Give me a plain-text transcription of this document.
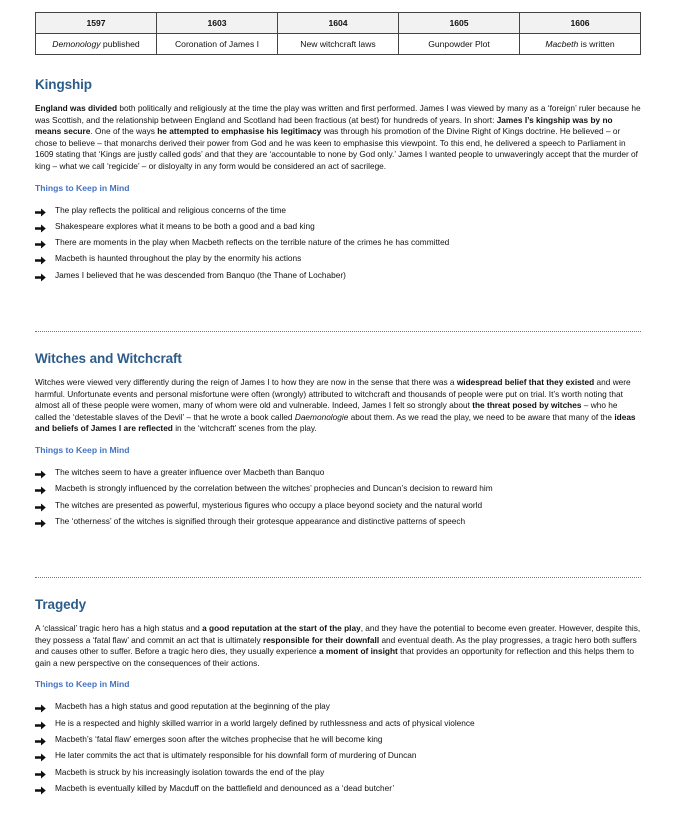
1597	1603	1604	1605	1606
Demonology published	Coronation of James I	New witchcraft laws	Gunpowder Plot	Macbeth is written
Kingship

England was divided both politically and religiously at the time the play was written and first performed. James I was viewed by many as a ‘foreign’ ruler because he was Scottish, and the relationship between England and Scotland had been fractious (at best) for hundreds of years. In short: James I’s kingship was by no means secure. One of the ways he attempted to emphasise his legitimacy was through his promotion of the Divine Right of Kings doctrine. He believed – or chose to believe – that monarchs derived their power from God and he was keen to emphasise this viewpoint. To this end, he delivered a speech to Parliament in 1609 stating that ‘Kings are justly called gods’ and that they are ‘accountable to none by God only.’ James I wanted people to unwaveringly accept that the murder of king – what we call ‘regicide’ – or disloyalty in any form would be considered an act of sacrilege.

Things to Keep in Mind

The play reflects the political and religious concerns of the time
Shakespeare explores what it means to be both a good and a bad king
There are moments in the play when Macbeth reflects on the terrible nature of the crimes he has committed
Macbeth is haunted throughout the play by the enormity his actions
James I believed that he was descended from Banquo (the Thane of Lochaber)
Witches and Witchcraft

Witches were viewed very differently during the reign of James I to how they are now in the sense that there was a widespread belief that they existed and were harmful. Unfortunate events and personal misfortune were often (wrongly) attributed to witchcraft and thousands of people were put on trial. It’s worth noting that almost all of these people were women, many of whom were old and vulnerable. Indeed, James I felt so strongly about the threat posed by witches – who he called the ‘detestable slaves of the Devil’ – that he wrote a book called Daemonologie about them. As we read the play, we need to be aware that many of the ideas and beliefs of James I are reflected in the ‘witchcraft’ scenes from the play.

Things to Keep in Mind

The witches seem to have a greater influence over Macbeth than Banquo
Macbeth is strongly influenced by the correlation between the witches’ prophecies and Duncan’s decision to reward him
The witches are presented as powerful, mysterious figures who occupy a place beyond society and the natural world
The ‘otherness’ of the witches is signified through their grotesque appearance and distinctive patterns of speech
Tragedy

A ‘classical’ tragic hero has a high status and a good reputation at the start of the play, and they have the potential to become even greater. However, despite this, they possess a ‘fatal flaw’ and commit an act that is ultimately responsible for their downfall and eventual death. As the play progresses, a tragic hero both suffers and causes other to suffer. Before a tragic hero dies, they usually experience a moment of insight that provides an opportunity for reflection and this helps them to gain a new perspective on the consequences of their actions.

Things to Keep in Mind

Macbeth has a high status and good reputation at the beginning of the play
He is a respected and highly skilled warrior in a world largely defined by ruthlessness and acts of physical violence
Macbeth’s ‘fatal flaw’ emerges soon after the witches prophecise that he will become king
He later commits the act that is ultimately responsible for his downfall form of murdering of Duncan
Macbeth is struck by his increasingly isolation towards the end of the play
Macbeth is eventually killed by Macduff on the battlefield and denounced as a ‘dead butcher’
